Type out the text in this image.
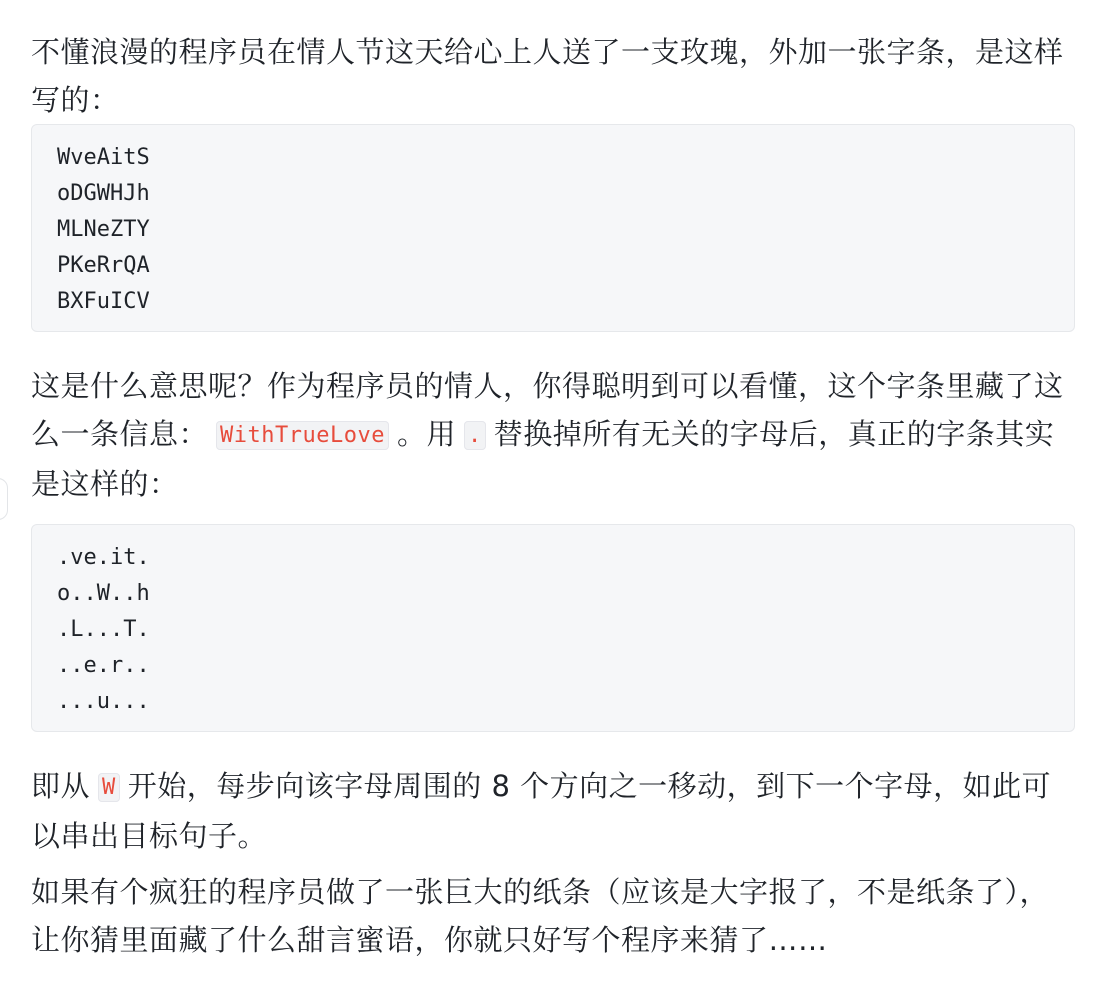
不懂浪漫的程序员在情人节这天给心上人送了一支玫瑰，外加一张字条，是这样写的：
WveAitS
oDGWHJh
MLNeZTY
PKeRrQA
BXFuICV
这是什么意思呢？作为程序员的情人，你得聪明到可以看懂，这个字条里藏了这么一条信息： WithTrueLove 。用 . 替换掉所有无关的字母后，真正的字条其实是这样的：
.ve.it.
o..W..h
.L...T.
..e.r..
...u...
即从 W 开始，每步向该字母周围的 8 个方向之一移动，到下一个字母，如此可以串出目标句子。
如果有个疯狂的程序员做了一张巨大的纸条（应该是大字报了，不是纸条了），让你猜里面藏了什么甜言蜜语，你就只好写个程序来猜了……
